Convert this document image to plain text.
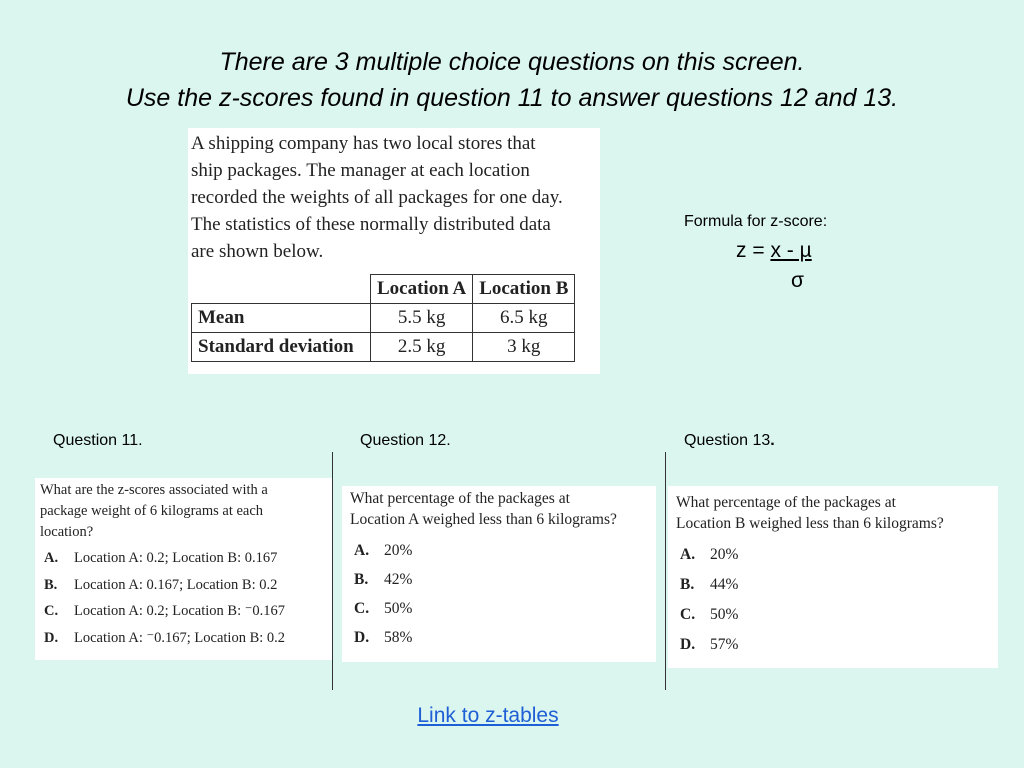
There are 3 multiple choice questions on this screen.
Use the z-scores found in question 11 to answer questions 12 and 13.
A shipping company has two local stores that
ship packages. The manager at each location
recorded the weights of all packages for one day.
The statistics of these normally distributed data
are shown below.
	Location A	Location B
Mean	5.5 kg	6.5 kg
Standard deviation	2.5 kg	3 kg
Formula for z-score:
z = x - µ
σ
Question 11.	Question 12.	Question 13.
What are the z-scores associated with a
package weight of 6 kilograms at each
location?
A. Location A: 0.2; Location B: 0.167
B. Location A: 0.167; Location B: 0.2
C. Location A: 0.2; Location B: ⁻0.167
D. Location A: ⁻0.167; Location B: 0.2
What percentage of the packages at
Location A weighed less than 6 kilograms?
A. 20%
B. 42%
C. 50%
D. 58%
What percentage of the packages at
Location B weighed less than 6 kilograms?
A. 20%
B. 44%
C. 50%
D. 57%
Link to z-tables
